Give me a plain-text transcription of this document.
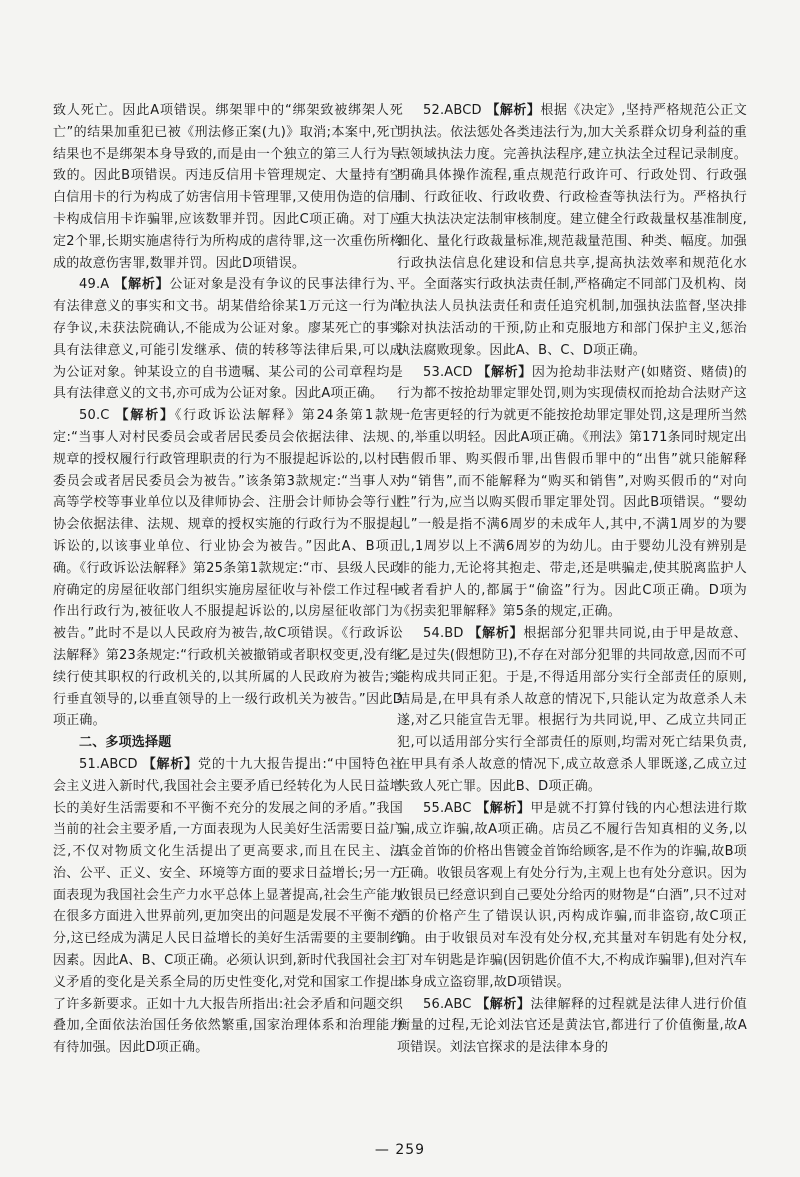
致人死亡。因此A项错误。绑架罪中的“绑架致被绑架人死亡”的结果加重犯已被《刑法修正案(九)》取消;本案中,死亡结果也不是绑架本身导致的,而是由一个独立的第三人行为导致的。因此B项错误。丙违反信用卡管理规定、大量持有空白信用卡的行为构成了妨害信用卡管理罪,又使用伪造的信用卡构成信用卡诈骗罪,应该数罪并罚。因此C项正确。对丁应定2个罪,长期实施虐待行为所构成的虐待罪,这一次重伤所构成的故意伤害罪,数罪并罚。因此D项错误。

49.A 【解析】公证对象是没有争议的民事法律行为、有法律意义的事实和文书。胡某借给徐某1万元这一行为尚存争议,未获法院确认,不能成为公证对象。廖某死亡的事实具有法律意义,可能引发继承、债的转移等法律后果,可以成为公证对象。钟某设立的自书遗嘱、某公司的公司章程均是具有法律意义的文书,亦可成为公证对象。因此A项正确。

50.C 【解析】《行政诉讼法解释》第24条第1款规定:“当事人对村民委员会或者居民委员会依据法律、法规、规章的授权履行行政管理职责的行为不服提起诉讼的,以村民委员会或者居民委员会为被告。”该条第3款规定:“当事人对高等学校等事业单位以及律师协会、注册会计师协会等行业协会依据法律、法规、规章的授权实施的行政行为不服提起诉讼的,以该事业单位、行业协会为被告。”因此A、B项正确。《行政诉讼法解释》第25条第1款规定:“市、县级人民政府确定的房屋征收部门组织实施房屋征收与补偿工作过程中作出行政行为,被征收人不服提起诉讼的,以房屋征收部门为被告。”此时不是以人民政府为被告,故C项错误。《行政诉讼法解释》第23条规定:“行政机关被撤销或者职权变更,没有继续行使其职权的行政机关的,以其所属的人民政府为被告;实行垂直领导的,以垂直领导的上一级行政机关为被告。”因此D项正确。

二、多项选择题

51.ABCD 【解析】党的十九大报告提出:“中国特色社会主义进入新时代,我国社会主要矛盾已经转化为人民日益增长的美好生活需要和不平衡不充分的发展之间的矛盾。”我国当前的社会主要矛盾,一方面表现为人民美好生活需要日益广泛,不仅对物质文化生活提出了更高要求,而且在民主、法治、公平、正义、安全、环境等方面的要求日益增长;另一方面表现为我国社会生产力水平总体上显著提高,社会生产能力在很多方面进入世界前列,更加突出的问题是发展不平衡不充分,这已经成为满足人民日益增长的美好生活需要的主要制约因素。因此A、B、C项正确。必须认识到,新时代我国社会主义矛盾的变化是关系全局的历史性变化,对党和国家工作提出了许多新要求。正如十九大报告所指出:社会矛盾和问题交织叠加,全面依法治国任务依然繁重,国家治理体系和治理能力有待加强。因此D项正确。

52.ABCD 【解析】根据《决定》,坚持严格规范公正文明执法。依法惩处各类违法行为,加大关系群众切身利益的重点领域执法力度。完善执法程序,建立执法全过程记录制度。明确具体操作流程,重点规范行政许可、行政处罚、行政强制、行政征收、行政收费、行政检查等执法行为。严格执行重大执法决定法制审核制度。建立健全行政裁量权基准制度,细化、量化行政裁量标准,规范裁量范围、种类、幅度。加强行政执法信息化建设和信息共享,提高执法效率和规范化水平。全面落实行政执法责任制,严格确定不同部门及机构、岗位执法人员执法责任和责任追究机制,加强执法监督,坚决排除对执法活动的干预,防止和克服地方和部门保护主义,惩治执法腐败现象。因此A、B、C、D项正确。

53.ACD 【解析】因为抢劫非法财产(如赌资、赌债)的行为都不按抢劫罪定罪处罚,则为实现债权而抢劫合法财产这一危害更轻的行为就更不能按抢劫罪定罪处罚,这是理所当然的,举重以明轻。因此A项正确。《刑法》第171条同时规定出售假币罪、购买假币罪,出售假币罪中的“出售”就只能解释为“销售”,而不能解释为“购买和销售”,对购买假币的“对向性”行为,应当以购买假币罪定罪处罚。因此B项错误。“婴幼儿”一般是指不满6周岁的未成年人,其中,不满1周岁的为婴儿,1周岁以上不满6周岁的为幼儿。由于婴幼儿没有辨别是非的能力,无论将其抱走、带走,还是哄骗走,使其脱离监护人或者看护人的,都属于“偷盗”行为。因此C项正确。D项为《拐卖犯罪解释》第5条的规定,正确。

54.BD 【解析】根据部分犯罪共同说,由于甲是故意、乙是过失(假想防卫),不存在对部分犯罪的共同故意,因而不可能构成共同正犯。于是,不得适用部分实行全部责任的原则,结局是,在甲具有杀人故意的情况下,只能认定为故意杀人未遂,对乙只能宣告无罪。根据行为共同说,甲、乙成立共同正犯,可以适用部分实行全部责任的原则,均需对死亡结果负责,在甲具有杀人故意的情况下,成立故意杀人罪既遂,乙成立过失致人死亡罪。因此B、D项正确。

55.ABC 【解析】甲是就不打算付钱的内心想法进行欺骗,成立诈骗,故A项正确。店员乙不履行告知真相的义务,以真金首饰的价格出售镀金首饰给顾客,是不作为的诈骗,故B项正确。收银员客观上有处分行为,主观上也有处分意识。因为收银员已经意识到自己要处分给丙的财物是“白酒”,只不过对酒的价格产生了错误认识,丙构成诈骗,而非盗窃,故C项正确。由于收银员对车没有处分权,充其量对车钥匙有处分权,丁对车钥匙是诈骗(因钥匙价值不大,不构成诈骗罪),但对汽车本身成立盗窃罪,故D项错误。

56.ABC 【解析】法律解释的过程就是法律人进行价值衡量的过程,无论刘法官还是黄法官,都进行了价值衡量,故A项错误。刘法官探求的是法律本身的

— 259
